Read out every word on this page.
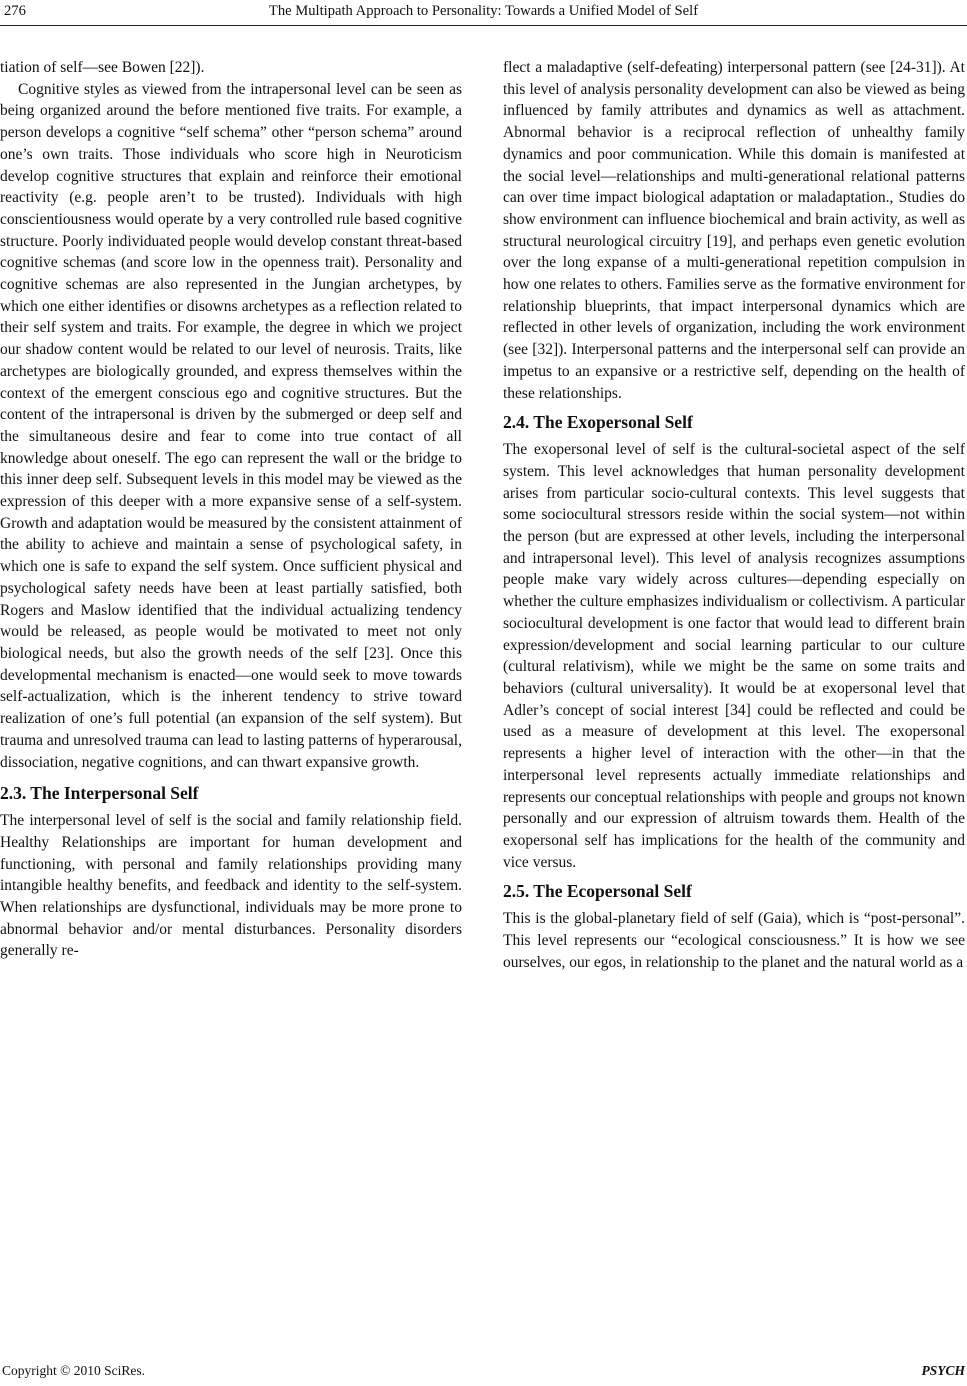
276	The Multipath Approach to Personality: Towards a Unified Model of Self

tiation of self—see Bowen [22]).

Cognitive styles as viewed from the intrapersonal level can be seen as being organized around the before mentioned five traits. For example, a person develops a cognitive “self schema” other “person schema” around one’s own traits. Those individuals who score high in Neuroticism develop cognitive structures that explain and reinforce their emotional reactivity (e.g. people aren’t to be trusted). Individuals with high conscientiousness would operate by a very controlled rule based cognitive structure. Poorly individuated people would develop constant threat-based cognitive schemas (and score low in the openness trait). Personality and cognitive schemas are also represented in the Jungian archetypes, by which one either identifies or disowns archetypes as a reflection related to their self system and traits. For example, the degree in which we project our shadow content would be related to our level of neurosis. Traits, like archetypes are biologically grounded, and express themselves within the context of the emergent conscious ego and cognitive structures. But the content of the intrapersonal is driven by the submerged or deep self and the simultaneous desire and fear to come into true contact of all knowledge about oneself. The ego can represent the wall or the bridge to this inner deep self. Subsequent levels in this model may be viewed as the expression of this deeper with a more expansive sense of a self-system. Growth and adaptation would be measured by the consistent attainment of the ability to achieve and maintain a sense of psychological safety, in which one is safe to expand the self system. Once sufficient physical and psychological safety needs have been at least partially satisfied, both Rogers and Maslow identified that the individual actualizing tendency would be released, as people would be motivated to meet not only biological needs, but also the growth needs of the self [23]. Once this developmental mechanism is enacted—one would seek to move towards self-actualization, which is the inherent tendency to strive toward realization of one’s full potential (an expansion of the self system). But trauma and unresolved trauma can lead to lasting patterns of hyperarousal, dissociation, negative cognitions, and can thwart expansive growth.

2.3. The Interpersonal Self

The interpersonal level of self is the social and family relationship field. Healthy Relationships are important for human development and functioning, with personal and family relationships providing many intangible healthy benefits, and feedback and identity to the self-system. When relationships are dysfunctional, individuals may be more prone to abnormal behavior and/or mental disturbances. Personality disorders generally re-

flect a maladaptive (self-defeating) interpersonal pattern (see [24-31]). At this level of analysis personality development can also be viewed as being influenced by family attributes and dynamics as well as attachment. Abnormal behavior is a reciprocal reflection of unhealthy family dynamics and poor communication. While this domain is manifested at the social level—relationships and multi-generational relational patterns can over time impact biological adaptation or maladaptation., Studies do show environment can influence biochemical and brain activity, as well as structural neurological circuitry [19], and perhaps even genetic evolution over the long expanse of a multi-generational repetition compulsion in how one relates to others. Families serve as the formative environment for relationship blueprints, that impact interpersonal dynamics which are reflected in other levels of organization, including the work environment (see [32]). Interpersonal patterns and the interpersonal self can provide an impetus to an expansive or a restrictive self, depending on the health of these relationships.

2.4. The Exopersonal Self

The exopersonal level of self is the cultural-societal aspect of the self system. This level acknowledges that human personality development arises from particular socio-cultural contexts. This level suggests that some sociocultural stressors reside within the social system—not within the person (but are expressed at other levels, including the interpersonal and intrapersonal level). This level of analysis recognizes assumptions people make vary widely across cultures—depending especially on whether the culture emphasizes individualism or collectivism. A particular sociocultural development is one factor that would lead to different brain expression/development and social learning particular to our culture (cultural relativism), while we might be the same on some traits and behaviors (cultural universality). It would be at exopersonal level that Adler’s concept of social interest [34] could be reflected and could be used as a measure of development at this level. The exopersonal represents a higher level of interaction with the other—in that the interpersonal level represents actually immediate relationships and represents our conceptual relationships with people and groups not known personally and our expression of altruism towards them. Health of the exopersonal self has implications for the health of the community and vice versus.

2.5. The Ecopersonal Self

This is the global-planetary field of self (Gaia), which is “post-personal”. This level represents our “ecological consciousness.” It is how we see ourselves, our egos, in relationship to the planet and the natural world as a

Copyright © 2010 SciRes.	PSYCH
